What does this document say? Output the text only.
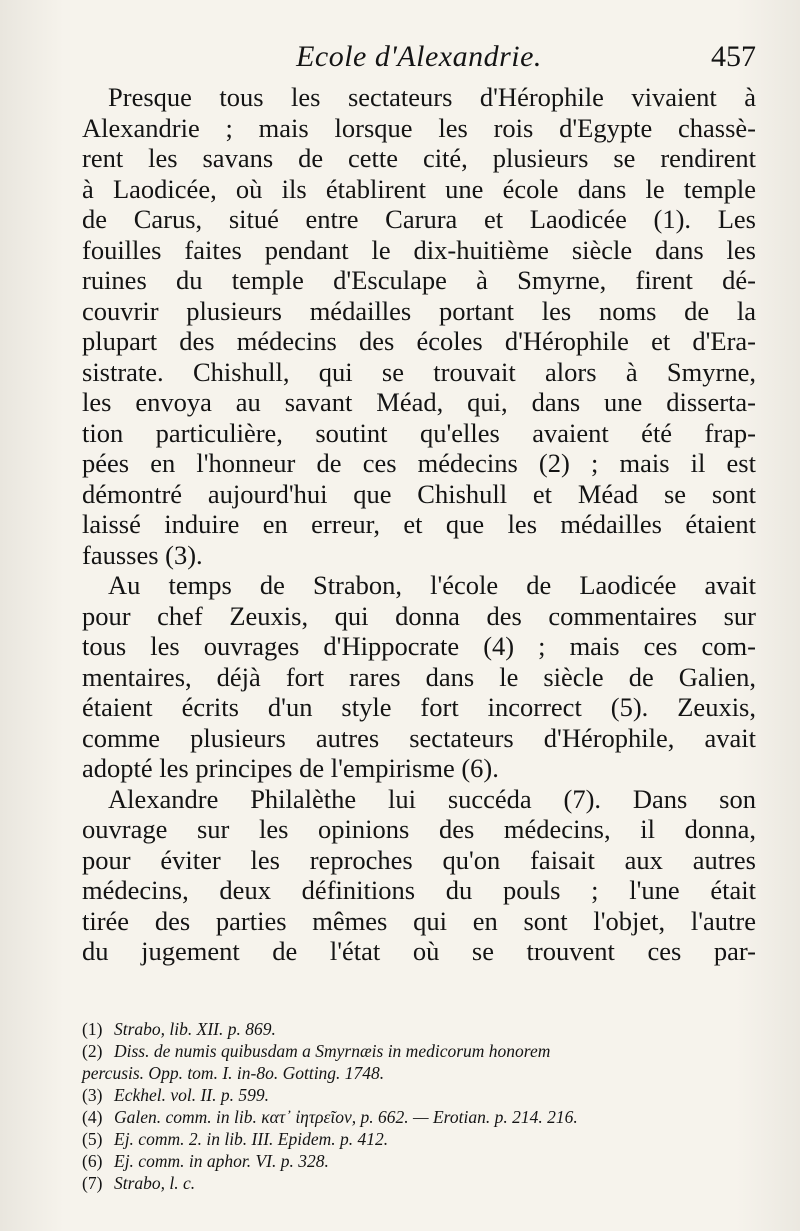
Ecole d'Alexandrie.	457
Presque tous les sectateurs d'Hérophile vivaient à
Alexandrie ; mais lorsque les rois d'Egypte chassè-
rent les savans de cette cité, plusieurs se rendirent
à Laodicée, où ils établirent une école dans le temple
de Carus, situé entre Carura et Laodicée (1). Les
fouilles faites pendant le dix-huitième siècle dans les
ruines du temple d'Esculape à Smyrne, firent dé-
couvrir plusieurs médailles portant les noms de la
plupart des médecins des écoles d'Hérophile et d'Era-
sistrate. Chishull, qui se trouvait alors à Smyrne,
les envoya au savant Méad, qui, dans une disserta-
tion particulière, soutint qu'elles avaient été frap-
pées en l'honneur de ces médecins (2) ; mais il est
démontré aujourd'hui que Chishull et Méad se sont
laissé induire en erreur, et que les médailles étaient
fausses (3).
Au temps de Strabon, l'école de Laodicée avait
pour chef Zeuxis, qui donna des commentaires sur
tous les ouvrages d'Hippocrate (4) ; mais ces com-
mentaires, déjà fort rares dans le siècle de Galien,
étaient écrits d'un style fort incorrect (5). Zeuxis,
comme plusieurs autres sectateurs d'Hérophile, avait
adopté les principes de l'empirisme (6).
Alexandre Philalèthe lui succéda (7). Dans son
ouvrage sur les opinions des médecins, il donna,
pour éviter les reproches qu'on faisait aux autres
médecins, deux définitions du pouls ; l'une était
tirée des parties mêmes qui en sont l'objet, l'autre
du jugement de l'état où se trouvent ces par-
(1) Strabo, lib. XII. p. 869.
(2) Diss. de numis quibusdam a Smyrnæis in medicorum honorem
percusis. Opp. tom. I. in-8o. Gotting. 1748.
(3) Eckhel. vol. II. p. 599.
(4) Galen. comm. in lib. κατ᾽ ἰητρεῖον, p. 662. — Erotian. p. 214. 216.
(5) Ej. comm. 2. in lib. III. Epidem. p. 412.
(6) Ej. comm. in aphor. VI. p. 328.
(7) Strabo, l. c.
